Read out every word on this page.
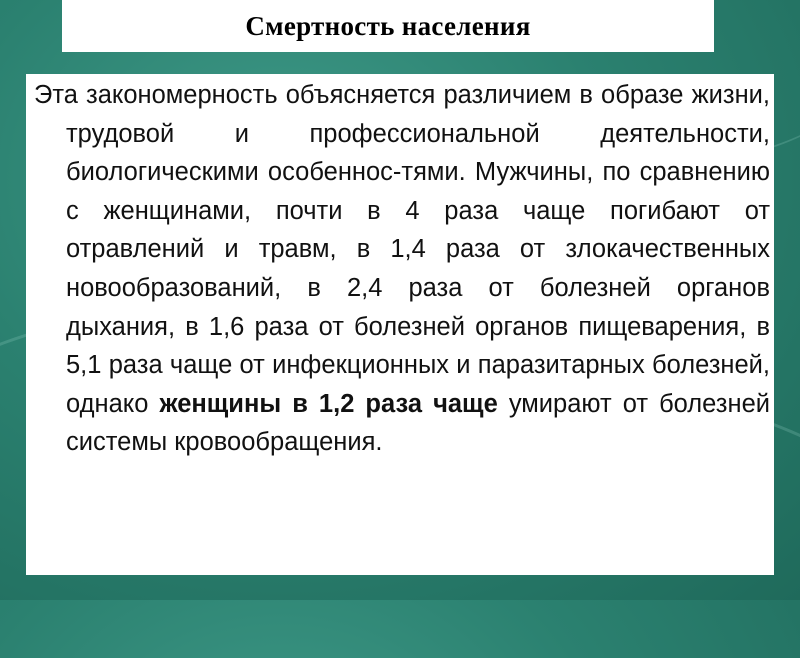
Смертность населения

Эта закономерность объясняется различием в образе жизни, трудовой и профессиональной деятельности, биологическими особеннос-тями. Мужчины, по сравнению с женщинами, почти в 4 раза чаще погибают от отравлений и травм, в 1,4 раза от злокачественных новообразований, в 2,4 раза от болезней органов дыхания, в 1,6 раза от болезней органов пищеварения, в 5,1 раза чаще от инфекционных и паразитарных болезней, однако женщины в 1,2 раза чаще умирают от болезней системы кровообращения.
